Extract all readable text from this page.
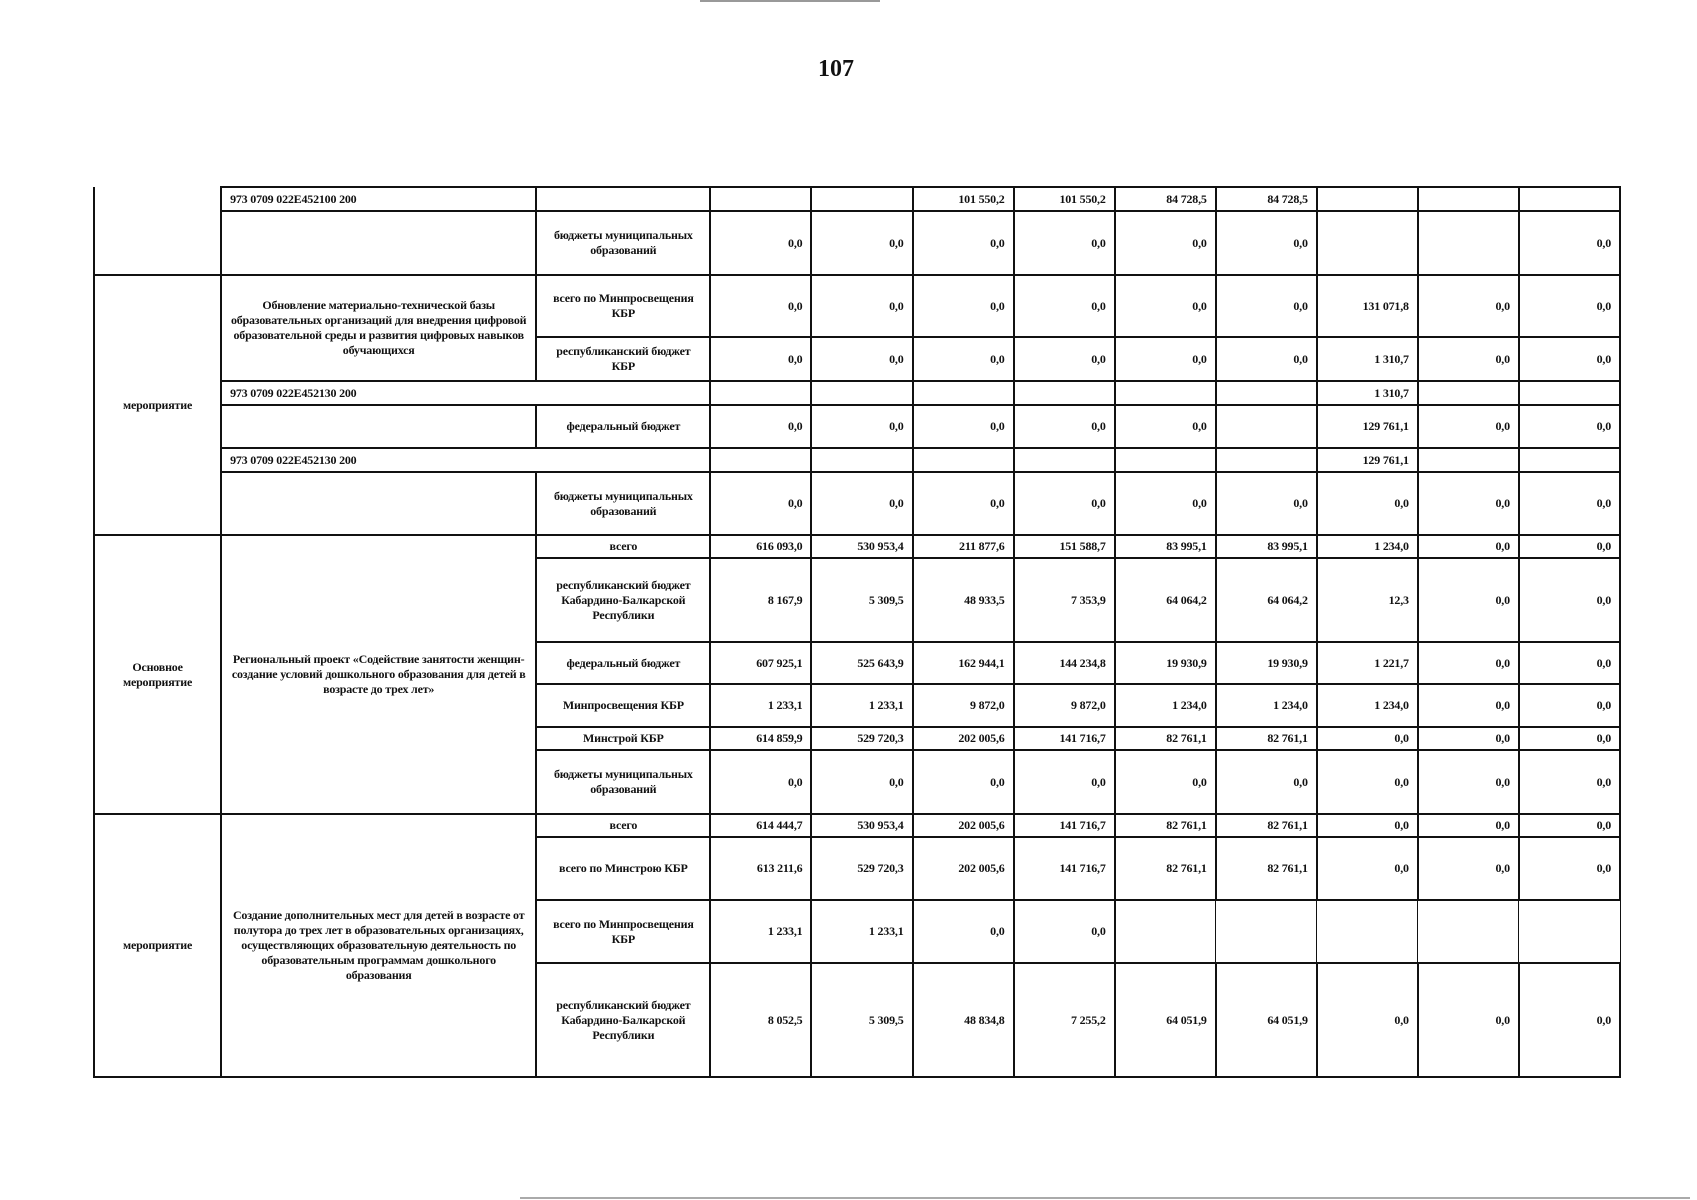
107
	973 0709 022E452100 200				101 550,2	101 550,2	84 728,5	84 728,5			
		бюджеты муниципальных образований	0,0	0,0	0,0	0,0	0,0	0,0			0,0
мероприятие	Обновление материально-технической базы образовательных организаций для внедрения цифровой образовательной среды и развития цифровых навыков обучающихся	всего по Минпросвещения КБР	0,0	0,0	0,0	0,0	0,0	0,0	131 071,8	0,0	0,0
		республиканский бюджет КБР	0,0	0,0	0,0	0,0	0,0	0,0	1 310,7	0,0	0,0
	973 0709 022E452130 200								1 310,7		
		федеральный бюджет	0,0	0,0	0,0	0,0	0,0		129 761,1	0,0	0,0
	973 0709 022E452130 200								129 761,1		
		бюджеты муниципальных образований	0,0	0,0	0,0	0,0	0,0	0,0	0,0	0,0	0,0
Основное мероприятие	Региональный проект «Содействие занятости женщин-создание условий дошкольного образования для детей в возрасте до трех лет»	всего	616 093,0	530 953,4	211 877,6	151 588,7	83 995,1	83 995,1	1 234,0	0,0	0,0
		республиканский бюджет Кабардино-Балкарской Республики	8 167,9	5 309,5	48 933,5	7 353,9	64 064,2	64 064,2	12,3	0,0	0,0
		федеральный бюджет	607 925,1	525 643,9	162 944,1	144 234,8	19 930,9	19 930,9	1 221,7	0,0	0,0
		Минпросвещения КБР	1 233,1	1 233,1	9 872,0	9 872,0	1 234,0	1 234,0	1 234,0	0,0	0,0
		Минстрой КБР	614 859,9	529 720,3	202 005,6	141 716,7	82 761,1	82 761,1	0,0	0,0	0,0
		бюджеты муниципальных образований	0,0	0,0	0,0	0,0	0,0	0,0	0,0	0,0	0,0
мероприятие	Создание дополнительных мест для детей в возрасте от полутора до трех лет в образовательных организациях, осуществляющих образовательную деятельность по образовательным программам дошкольного образования	всего	614 444,7	530 953,4	202 005,6	141 716,7	82 761,1	82 761,1	0,0	0,0	0,0
		всего по Минстрою КБР	613 211,6	529 720,3	202 005,6	141 716,7	82 761,1	82 761,1	0,0	0,0	0,0
		всего по Минпросвещения КБР	1 233,1	1 233,1	0,0	0,0					
		республиканский бюджет Кабардино-Балкарской Республики	8 052,5	5 309,5	48 834,8	7 255,2	64 051,9	64 051,9	0,0	0,0	0,0
